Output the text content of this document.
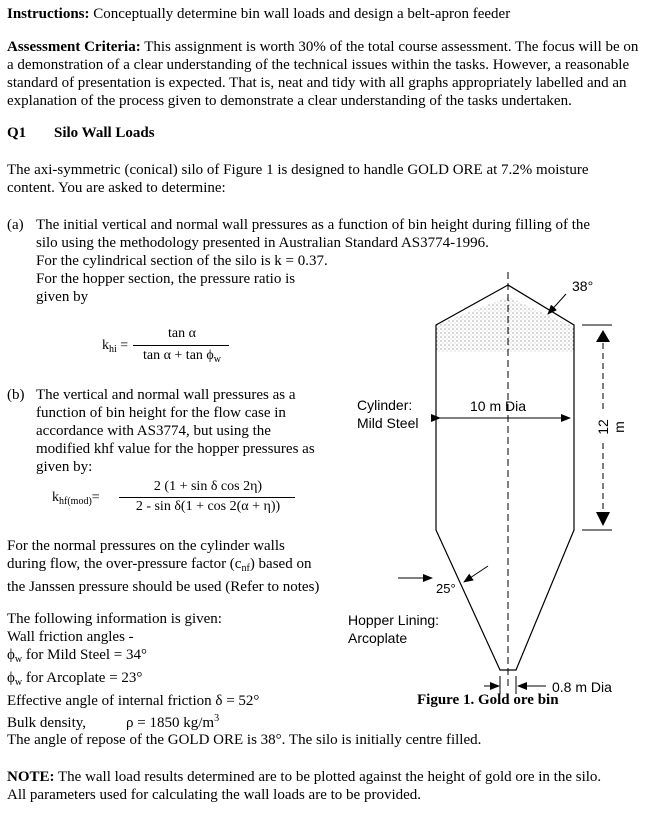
Instructions: Conceptually determine bin wall loads and design a belt-apron feeder
Assessment Criteria: This assignment is worth 30% of the total course assessment. The focus will be on
a demonstration of a clear understanding of the technical issues within the tasks. However, a reasonable
standard of presentation is expected. That is, neat and tidy with all graphs appropriately labelled and an
explanation of the process given to demonstrate a clear understanding of the tasks undertaken.
Q1 Silo Wall Loads
The axi-symmetric (conical) silo of Figure 1 is designed to handle GOLD ORE at 7.2% moisture
content. You are asked to determine:
(a) The initial vertical and normal wall pressures as a function of bin height during filling of the
silo using the methodology presented in Australian Standard AS3774-1996.
For the cylindrical section of the silo is k = 0.37.
For the hopper section, the pressure ratio is
given by
$k_{hi}$ =
tan α
$\tan \alpha + \tan \phi_w$
(b) The vertical and normal wall pressures as a
function of bin height for the flow case in
accordance with AS3774, but using the
modified khf value for the hopper pressures as
given by:
$k_{hf(mod)}=$
2 (1 + sin δ cos 2η)
2 - sin δ(1 + cos 2(α + η))
For the normal pressures on the cylinder walls
during flow, the over-pressure factor $(c_{nf})$ based on
the Janssen pressure should be used (Refer to notes)
The following information is given:
Wall friction angles -
$\phi_w$ for Mild Steel = 34°
$\phi_w$ for Arcoplate = 23°
Effective angle of internal friction δ = 52°
Bulk density,	ρ = 1850 $kg/m^3$
The angle of repose of the GOLD ORE is 38°. The silo is initially centre filled.
NOTE: The wall load results determined are to be plotted against the height of gold ore in the silo.
All parameters used for calculating the wall loads are to be provided.
38°
Cylinder:
Mild Steel
10 m Dia
12 m
25°
Hopper Lining:
Arcoplate
0.8 m Dia
Figure 1. Gold ore bin
